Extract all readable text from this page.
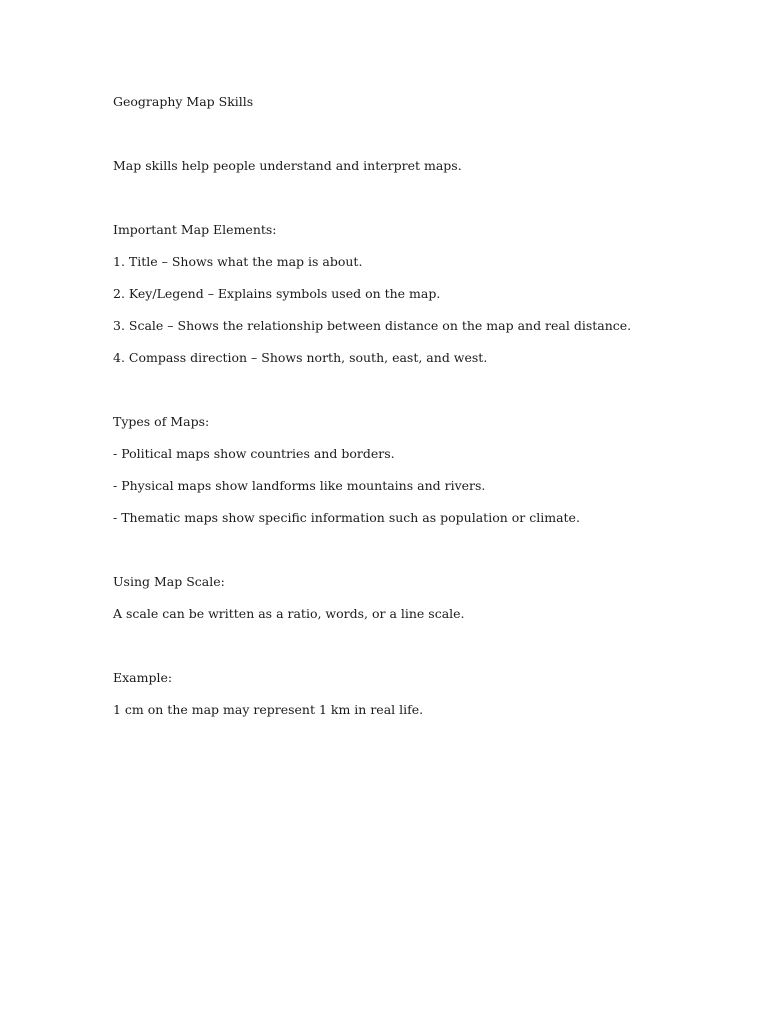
Geography Map Skills

Map skills help people understand and interpret maps.

Important Map Elements:

1. Title – Shows what the map is about.

2. Key/Legend – Explains symbols used on the map.

3. Scale – Shows the relationship between distance on the map and real distance.

4. Compass direction – Shows north, south, east, and west.

Types of Maps:

- Political maps show countries and borders.

- Physical maps show landforms like mountains and rivers.

- Thematic maps show specific information such as population or climate.

Using Map Scale:

A scale can be written as a ratio, words, or a line scale.

Example:

1 cm on the map may represent 1 km in real life.
